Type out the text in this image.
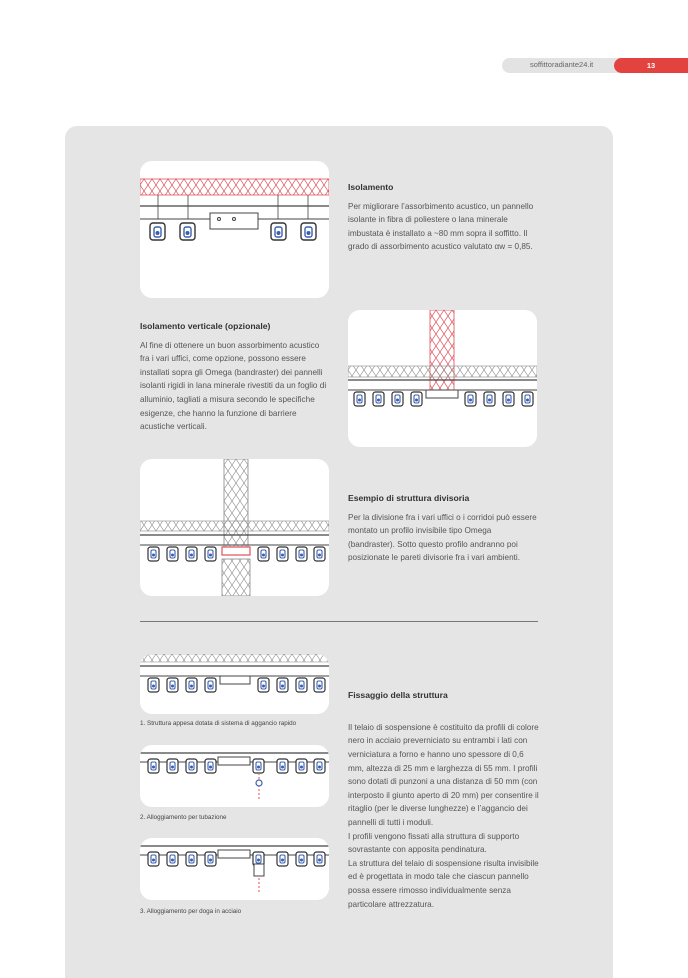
soffittoradiante24.it	13
Isolamento

Per migliorare l’assorbimento acustico, un pannello isolante in fibra di poliestere o lana minerale imbustata è installato a ~80 mm sopra il soffitto. Il grado di assorbimento acustico valutato αw = 0,85.

Isolamento verticale (opzionale)

Al fine di ottenere un buon assorbimento acustico fra i vari uffici, come opzione, possono essere installati sopra gli Omega (bandraster) dei pannelli isolanti rigidi in lana minerale rivestiti da un foglio di alluminio, tagliati a misura secondo le specifiche esigenze, che hanno la funzione di barriere acustiche verticali.

Esempio di struttura divisoria

Per la divisione fra i vari uffici o i corridoi può essere montato un profilo invisibile tipo Omega (bandraster). Sotto questo profilo andranno poi posizionate le pareti divisorie fra i vari ambienti.

1. Struttura appesa dotata di sistema di aggancio rapido
2. Alloggiamento per tubazione
3. Alloggiamento per doga in acciaio

Fissaggio della struttura

Il telaio di sospensione è costituito da profili di colore nero in acciaio preverniciato su entrambi i lati con verniciatura a forno e hanno uno spessore di 0,6 mm, altezza di 25 mm e larghezza di 55 mm. I profili sono dotati di punzoni a una distanza di 50 mm (con interposto il giunto aperto di 20 mm) per consentire il ritaglio (per le diverse lunghezze) e l’aggancio dei pannelli di tutti i moduli.
I profili vengono fissati alla struttura di supporto sovrastante con apposita pendinatura.
La struttura del telaio di sospensione risulta invisibile ed è progettata in modo tale che ciascun pannello possa essere rimosso individualmente senza particolare attrezzatura.
